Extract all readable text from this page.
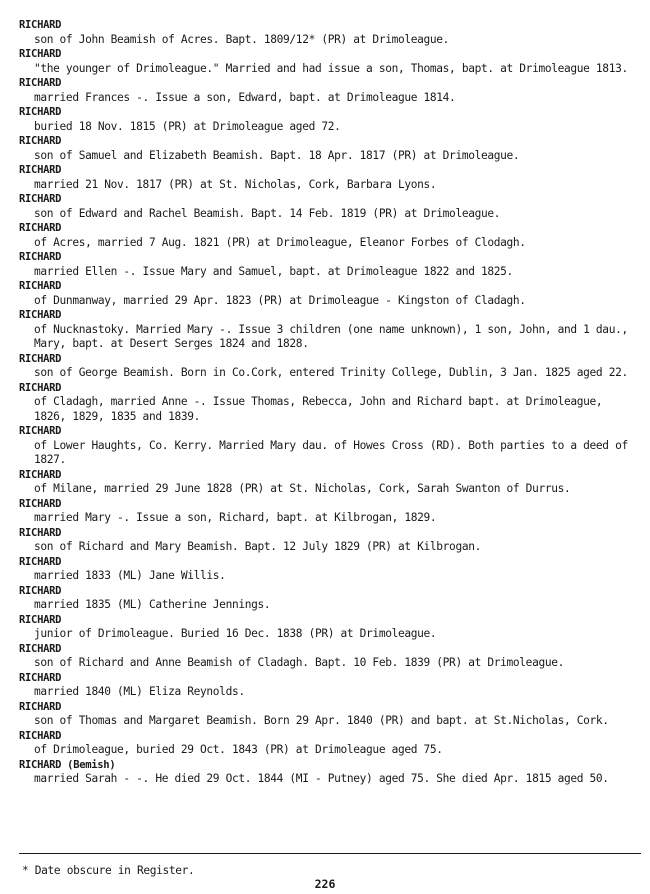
RICHARD
son of John Beamish of Acres. Bapt. 1809/12* (PR) at Drimoleague.
RICHARD
"the younger of Drimoleague." Married and had issue a son, Thomas, bapt. at Drimoleague 1813.
RICHARD
married Frances -. Issue a son, Edward, bapt. at Drimoleague 1814.
RICHARD
buried 18 Nov. 1815 (PR) at Drimoleague aged 72.
RICHARD
son of Samuel and Elizabeth Beamish. Bapt. 18 Apr. 1817 (PR) at Drimoleague.
RICHARD
married 21 Nov. 1817 (PR) at St. Nicholas, Cork, Barbara Lyons.
RICHARD
son of Edward and Rachel Beamish. Bapt. 14 Feb. 1819 (PR) at Drimoleague.
RICHARD
of Acres, married 7 Aug. 1821 (PR) at Drimoleague, Eleanor Forbes of Clodagh.
RICHARD
married Ellen -. Issue Mary and Samuel, bapt. at Drimoleague 1822 and 1825.
RICHARD
of Dunmanway, married 29 Apr. 1823 (PR) at Drimoleague - Kingston of Cladagh.
RICHARD
of Nucknastoky. Married Mary -. Issue 3 children (one name unknown), 1 son, John, and 1 dau., Mary, bapt. at Desert Serges 1824 and 1828.
RICHARD
son of George Beamish. Born in Co.Cork, entered Trinity College, Dublin, 3 Jan. 1825 aged 22.
RICHARD
of Cladagh, married Anne -. Issue Thomas, Rebecca, John and Richard bapt. at Drimoleague, 1826, 1829, 1835 and 1839.
RICHARD
of Lower Haughts, Co. Kerry. Married Mary dau. of Howes Cross (RD). Both parties to a deed of 1827.
RICHARD
of Milane, married 29 June 1828 (PR) at St. Nicholas, Cork, Sarah Swanton of Durrus.
RICHARD
married Mary -. Issue a son, Richard, bapt. at Kilbrogan, 1829.
RICHARD
son of Richard and Mary Beamish. Bapt. 12 July 1829 (PR) at Kilbrogan.
RICHARD
married 1833 (ML) Jane Willis.
RICHARD
married 1835 (ML) Catherine Jennings.
RICHARD
junior of Drimoleague. Buried 16 Dec. 1838 (PR) at Drimoleague.
RICHARD
son of Richard and Anne Beamish of Cladagh. Bapt. 10 Feb. 1839 (PR) at Drimoleague.
RICHARD
married 1840 (ML) Eliza Reynolds.
RICHARD
son of Thomas and Margaret Beamish. Born 29 Apr. 1840 (PR) and bapt. at St.Nicholas, Cork.
RICHARD
of Drimoleague, buried 29 Oct. 1843 (PR) at Drimoleague aged 75.
RICHARD (Bemish)
married Sarah - -. He died 29 Oct. 1844 (MI - Putney) aged 75. She died Apr. 1815 aged 50.
* Date obscure in Register.
226
